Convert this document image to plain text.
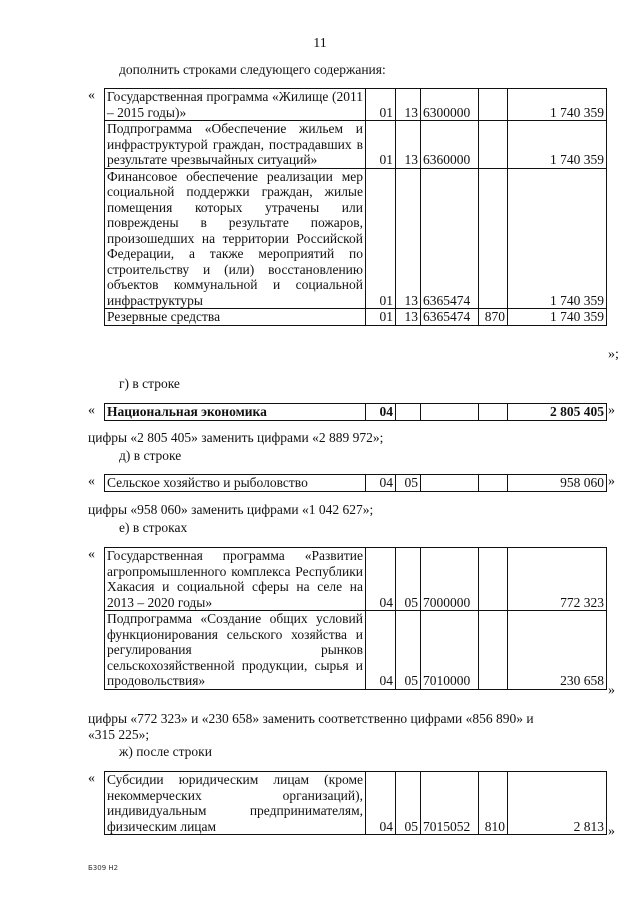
11
дополнить строками следующего содержания:
« Государственная программа «Жилище (2011 – 2015 годы)»	01	13	6300000		1 740 359
Подпрограмма «Обеспечение жильем и инфраструктурой граждан, пострадавших в результате чрезвычайных ситуаций»	01	13	6360000		1 740 359
Финансовое обеспечение реализации мер социальной поддержки граждан, жилые помещения которых утрачены или повреждены в результате пожаров, произошедших на территории Российской Федерации, а также мероприятий по строительству и (или) восстановлению объектов коммунальной и социальной инфраструктуры	01	13	6365474		1 740 359
Резервные средства	01	13	6365474	870	1 740 359
»;
г) в строке
« Национальная экономика	04				2 805 405 »
цифры «2 805 405» заменить цифрами «2 889 972»;
д) в строке
« Сельское хозяйство и рыболовство	04	05			958 060 »
цифры «958 060» заменить цифрами «1 042 627»;
е) в строках
« Государственная программа «Развитие агропромышленного комплекса Республики Хакасия и социальной сферы на селе на 2013 – 2020 годы»	04	05	7000000		772 323
Подпрограмма «Создание общих условий функционирования сельского хозяйства и регулирования рынков сельскохозяйственной продукции, сырья и продовольствия»	04	05	7010000		230 658
»
цифры «772 323» и «230 658» заменить соответственно цифрами «856 890» и
«315 225»;
ж) после строки
« Субсидии юридическим лицам (кроме некоммерческих организаций), индивидуальным предпринимателям, физическим лицам	04	05	7015052	810	2 813 »
Б309 Н2
